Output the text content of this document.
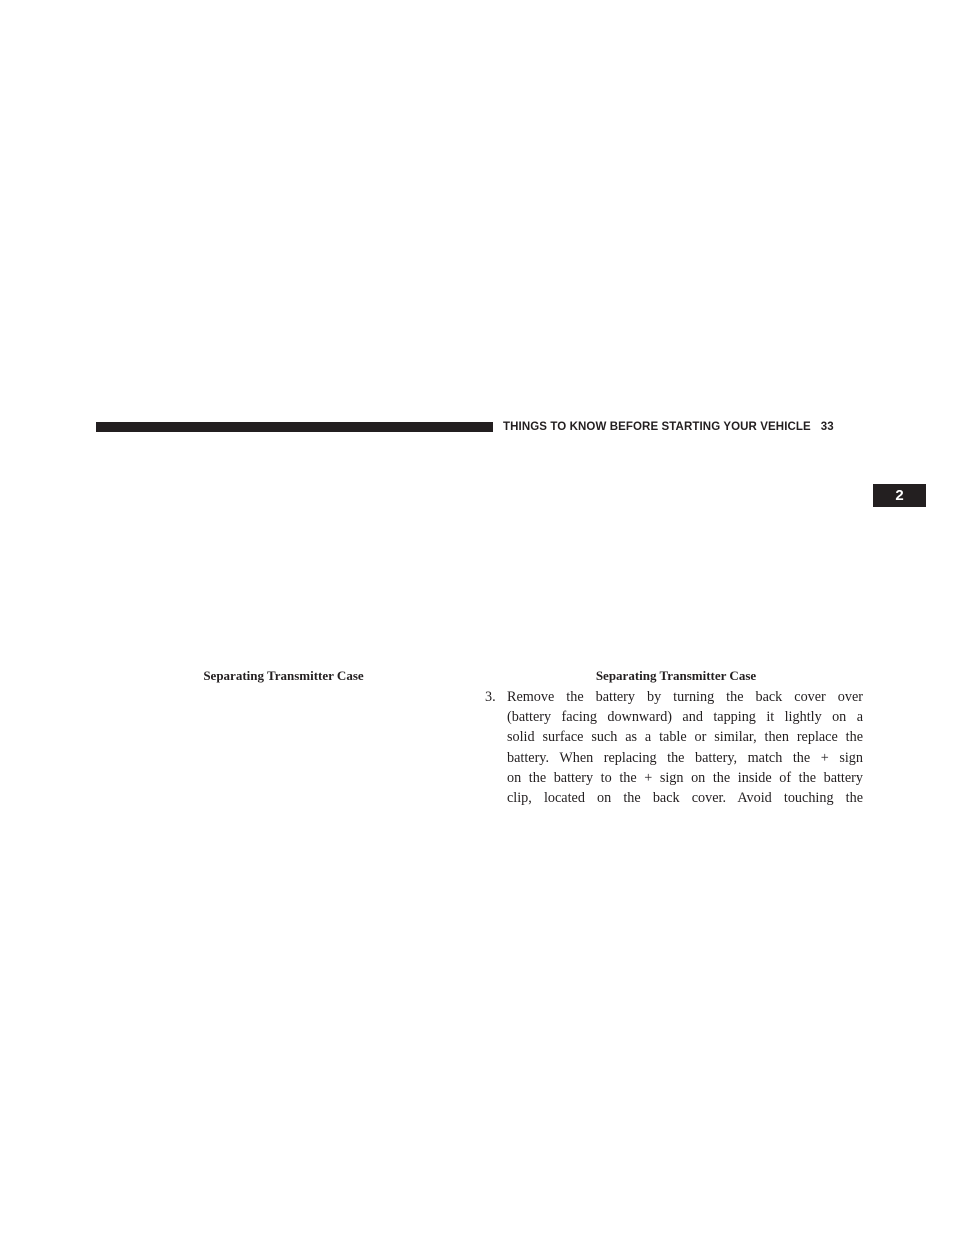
THINGS TO KNOW BEFORE STARTING YOUR VEHICLE 33
2
Separating Transmitter Case	Separating Transmitter Case
3. Remove the battery by turning the back cover over
(battery facing downward) and tapping it lightly on a
solid surface such as a table or similar, then replace the
battery. When replacing the battery, match the + sign
on the battery to the + sign on the inside of the battery
clip, located on the back cover. Avoid touching the
